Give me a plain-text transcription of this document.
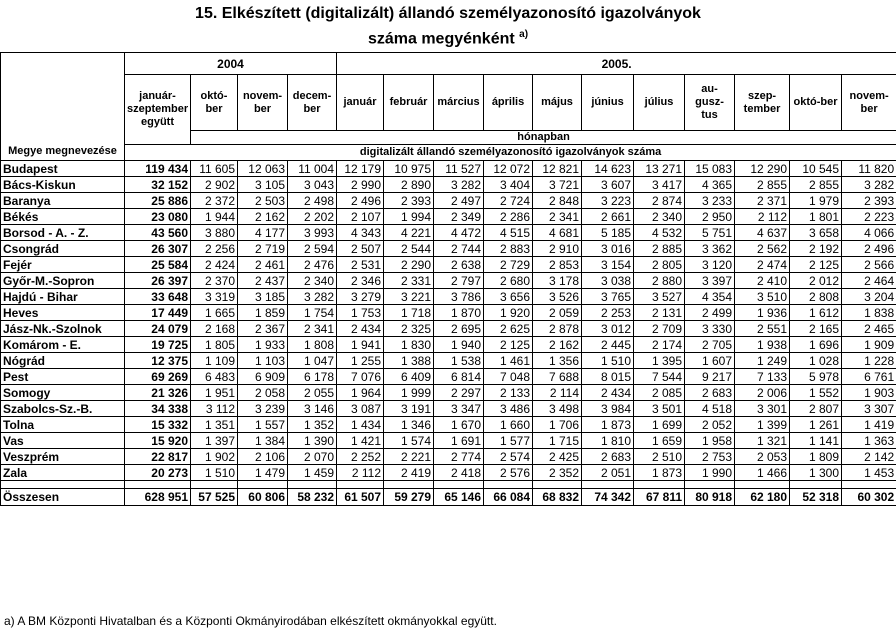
15. Elkészített (digitalizált) állandó személyazonosító igazolványok
száma megyénként $^{a)}$
Megye megnevezése	2004				2005.										
	január-szeptember együtt	októ-ber	novem-ber	decem-ber	január	február	március	április	május	június	július	au-gusz-tus	szep-tember	októ-ber	novem-ber
		hónapban													
	digitalizált állandó személyazonosító igazolványok száma														
Budapest	119 434	11 605	12 063	11 004	12 179	10 975	11 527	12 072	12 821	14 623	13 271	15 083	12 290	10 545	11 820
Bács-Kiskun	32 152	2 902	3 105	3 043	2 990	2 890	3 282	3 404	3 721	3 607	3 417	4 365	2 855	2 855	3 282
Baranya	25 886	2 372	2 503	2 498	2 496	2 393	2 497	2 724	2 848	3 223	2 874	3 233	2 371	1 979	2 393
Békés	23 080	1 944	2 162	2 202	2 107	1 994	2 349	2 286	2 341	2 661	2 340	2 950	2 112	1 801	2 223
Borsod - A. - Z.	43 560	3 880	4 177	3 993	4 343	4 221	4 472	4 515	4 681	5 185	4 532	5 751	4 637	3 658	4 066
Csongrád	26 307	2 256	2 719	2 594	2 507	2 544	2 744	2 883	2 910	3 016	2 885	3 362	2 562	2 192	2 496
Fejér	25 584	2 424	2 461	2 476	2 531	2 290	2 638	2 729	2 853	3 154	2 805	3 120	2 474	2 125	2 566
Győr-M.-Sopron	26 397	2 370	2 437	2 340	2 346	2 331	2 797	2 680	3 178	3 038	2 880	3 397	2 410	2 012	2 464
Hajdú - Bihar	33 648	3 319	3 185	3 282	3 279	3 221	3 786	3 656	3 526	3 765	3 527	4 354	3 510	2 808	3 204
Heves	17 449	1 665	1 859	1 754	1 753	1 718	1 870	1 920	2 059	2 253	2 131	2 499	1 936	1 612	1 838
Jász-Nk.-Szolnok	24 079	2 168	2 367	2 341	2 434	2 325	2 695	2 625	2 878	3 012	2 709	3 330	2 551	2 165	2 465
Komárom - E.	19 725	1 805	1 933	1 808	1 941	1 830	1 940	2 125	2 162	2 445	2 174	2 705	1 938	1 696	1 909
Nógrád	12 375	1 109	1 103	1 047	1 255	1 388	1 538	1 461	1 356	1 510	1 395	1 607	1 249	1 028	1 228
Pest	69 269	6 483	6 909	6 178	7 076	6 409	6 814	7 048	7 688	8 015	7 544	9 217	7 133	5 978	6 761
Somogy	21 326	1 951	2 058	2 055	1 964	1 999	2 297	2 133	2 114	2 434	2 085	2 683	2 006	1 552	1 903
Szabolcs-Sz.-B.	34 338	3 112	3 239	3 146	3 087	3 191	3 347	3 486	3 498	3 984	3 501	4 518	3 301	2 807	3 307
Tolna	15 332	1 351	1 557	1 352	1 434	1 346	1 670	1 660	1 706	1 873	1 699	2 052	1 399	1 261	1 419
Vas	15 920	1 397	1 384	1 390	1 421	1 574	1 691	1 577	1 715	1 810	1 659	1 958	1 321	1 141	1 363
Veszprém	22 817	1 902	2 106	2 070	2 252	2 221	2 774	2 574	2 425	2 683	2 510	2 753	2 053	1 809	2 142
Zala	20 273	1 510	1 479	1 459	2 112	2 419	2 418	2 576	2 352	2 051	1 873	1 990	1 466	1 300	1 453

Összesen	628 951	57 525	60 806	58 232	61 507	59 279	65 146	66 084	68 832	74 342	67 811	80 918	62 180	52 318	60 302
a) A BM Központi Hivatalban és a Központi Okmányirodában elkészített okmányokkal együtt.
